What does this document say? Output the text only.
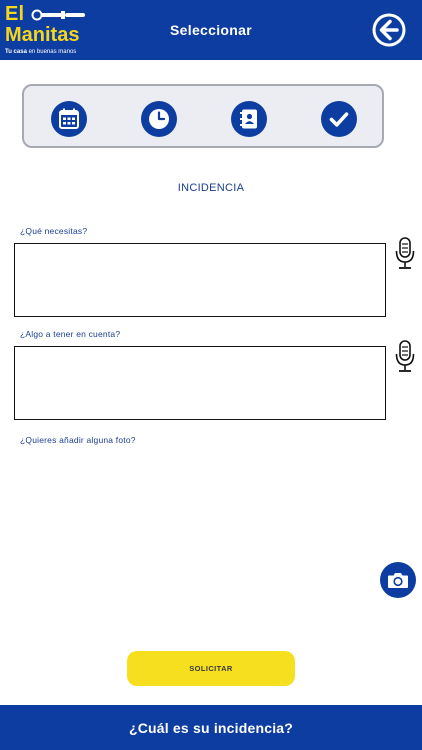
El
Manitas
Tu casa en buenas manos
Seleccionar
INCIDENCIA
¿Qué necesitas?
¿Algo a tener en cuenta?
¿Quieres añadir alguna foto?
SOLICITAR
¿Cuál es su incidencia?
